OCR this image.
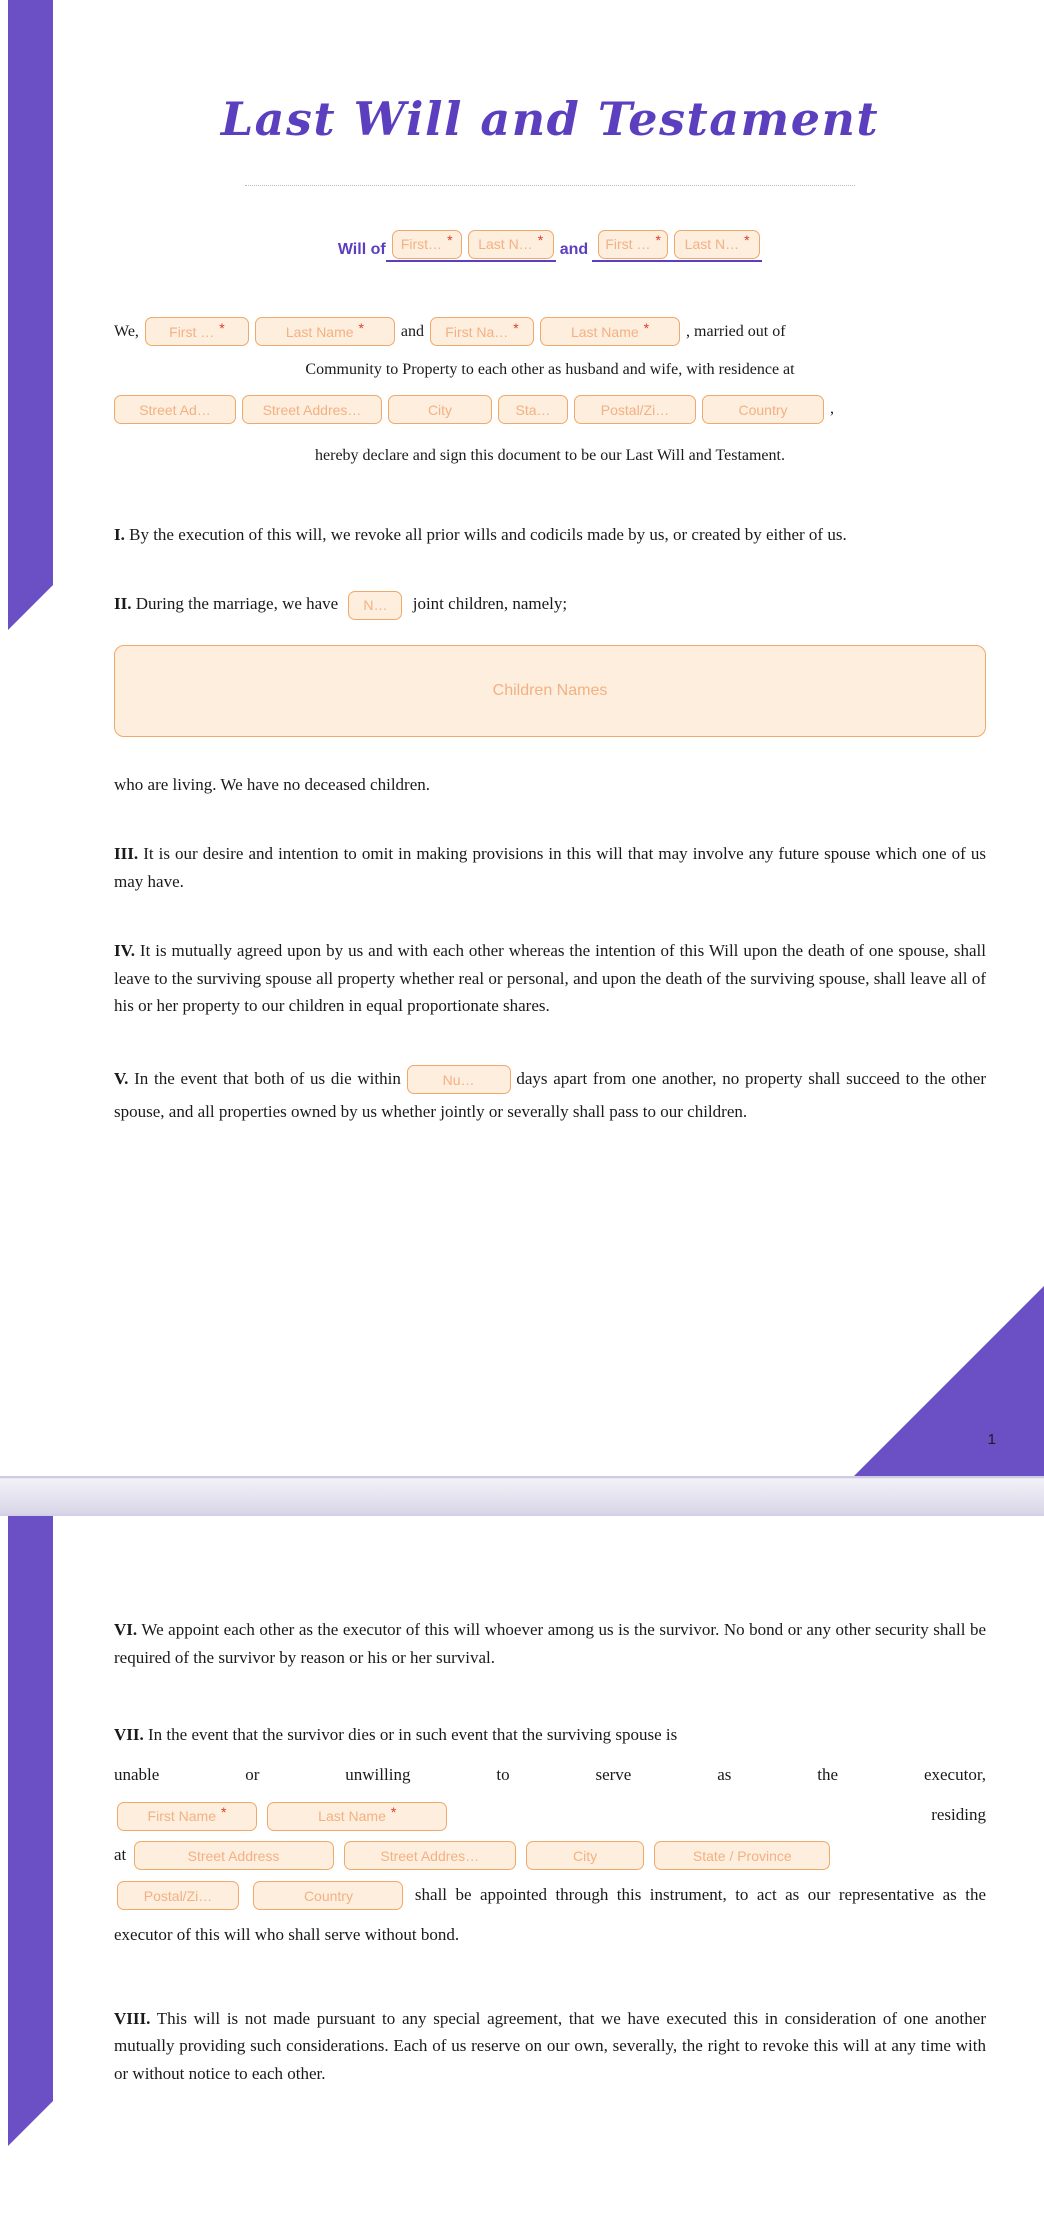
1
Last Will and Testament
Will of First… * Last N… *
and First … * Last N… *
We, First … *	Last Name * and First Na… *	Last Name * , married out of
Community to Property to each other as husband and wife, with residence at
Street Ad…	Street Addres…	City	Sta…	Postal/Zi…	Country	,
hereby declare and sign this document to be our Last Will and Testament.

I. By the execution of this will, we revoke all prior wills and codicils made by us, or created by either of us.

II. During the marriage, we have N… joint children, namely;

Children Names

who are living. We have no deceased children.

III. It is our desire and intention to omit in making provisions in this will that may involve any future spouse which one of us may have.

IV. It is mutually agreed upon by us and with each other whereas the intention of this Will upon the death of one spouse, shall leave to the surviving spouse all property whether real or personal, and upon the death of the surviving spouse, shall leave all of his or her property to our children in equal proportionate shares.

V. In the event that both of us die within	Nu… days apart from one another, no property shall succeed to the other spouse, and all properties owned by us whether jointly or severally shall pass to our children.

VI. We appoint each other as the executor of this will whoever among us is the survivor. No bond or any other security shall be required of the survivor by reason or his or her survival.

VII. In the event that the survivor dies or in such event that the surviving spouse is
unable	or	unwilling	to	serve	as	the	executor,
First Name *
	Last Name *	residing
at	Street Address
	Street Addres…
	City
	State / Province
Postal/Zi…
	Country	shall be appointed through this instrument, to act as our representative as the executor of this will who shall serve without bond.

VIII. This will is not made pursuant to any special agreement, that we have executed this in consideration of one another mutually providing such considerations. Each of us reserve on our own, severally, the right to revoke this will at any time with or without notice to each other.
